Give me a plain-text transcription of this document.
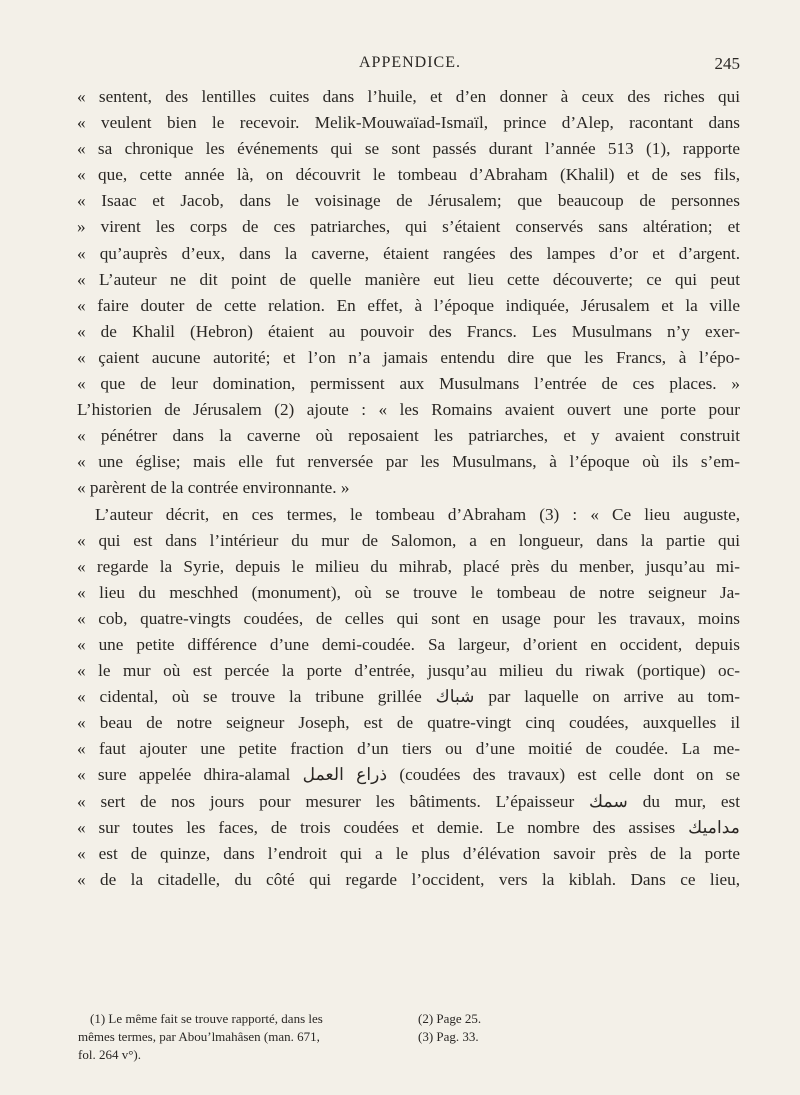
APPENDICE.	245
« sentent, des lentilles cuites dans l’huile, et d’en donner à ceux des riches qui
« veulent bien le recevoir. Melik-Mouwaïad-Ismaïl, prince d’Alep, racontant dans
« sa chronique les événements qui se sont passés durant l’année 513 (1), rapporte
« que, cette année là, on découvrit le tombeau d’Abraham (Khalil) et de ses fils,
« Isaac et Jacob, dans le voisinage de Jérusalem; que beaucoup de personnes
» virent les corps de ces patriarches, qui s’étaient conservés sans altération; et
« qu’auprès d’eux, dans la caverne, étaient rangées des lampes d’or et d’argent.
« L’auteur ne dit point de quelle manière eut lieu cette découverte; ce qui peut
« faire douter de cette relation. En effet, à l’époque indiquée, Jérusalem et la ville
« de Khalil (Hebron) étaient au pouvoir des Francs. Les Musulmans n’y exer-
« çaient aucune autorité; et l’on n’a jamais entendu dire que les Francs, à l’épo-
« que de leur domination, permissent aux Musulmans l’entrée de ces places. »
L’historien de Jérusalem (2) ajoute : « les Romains avaient ouvert une porte pour
« pénétrer dans la caverne où reposaient les patriarches, et y avaient construit
« une église; mais elle fut renversée par les Musulmans, à l’époque où ils s’em-
« parèrent de la contrée environnante. »
L’auteur décrit, en ces termes, le tombeau d’Abraham (3) : « Ce lieu auguste,
« qui est dans l’intérieur du mur de Salomon, a en longueur, dans la partie qui
« regarde la Syrie, depuis le milieu du mihrab, placé près du menber, jusqu’au mi-
« lieu du meschhed (monument), où se trouve le tombeau de notre seigneur Ja-
« cob, quatre-vingts coudées, de celles qui sont en usage pour les travaux, moins
« une petite différence d’une demi-coudée. Sa largeur, d’orient en occident, depuis
« le mur où est percée la porte d’entrée, jusqu’au milieu du riwak (portique) oc-
« cidental, où se trouve la tribune grillée شباك par laquelle on arrive au tom-
« beau de notre seigneur Joseph, est de quatre-vingt cinq coudées, auxquelles il
« faut ajouter une petite fraction d’un tiers ou d’une moitié de coudée. La me-
« sure appelée dhira-alamal ذراع العمل (coudées des travaux) est celle dont on se
« sert de nos jours pour mesurer les bâtiments. L’épaisseur سمك du mur, est
« sur toutes les faces, de trois coudées et demie. Le nombre des assises مداميك
« est de quinze, dans l’endroit qui a le plus d’élévation savoir près de la porte
« de la citadelle, du côté qui regarde l’occident, vers la kiblah. Dans ce lieu,
(1) Le même fait se trouve rapporté, dans les
mêmes termes, par Abou’lmahâsen (man. 671,
fol. 264 v°).
(2) Page 25.
(3) Pag. 33.
